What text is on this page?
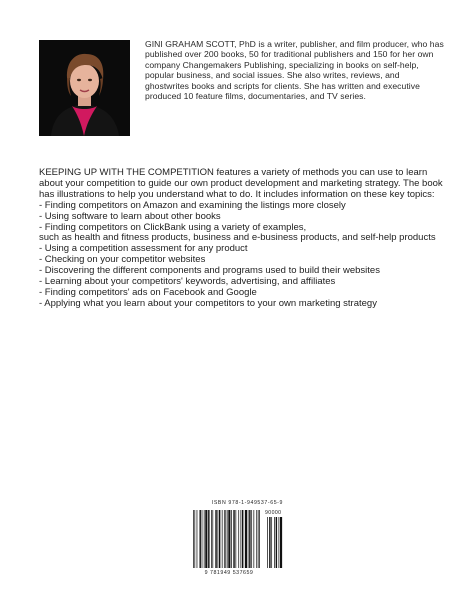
GINI GRAHAM SCOTT, PhD is a writer, publisher, and film producer, who has published over 200 books, 50 for traditional publishers and 150 for her own company Changemakers Publishing, specializing in books on self-help, popular business, and social issues. She also writes, reviews, and ghostwrites books and scripts for clients. She has written and executive produced 10 feature films, documentaries, and TV series.

KEEPING UP WITH THE COMPETITION features a variety of methods you can use to learn about your competition to guide our own product development and marketing strategy. The book has illustrations to help you understand what to do. It includes information on these key topics:

- Finding competitors on Amazon and examining the listings more closely
- Using software to learn about other books
- Finding competitors on ClickBank using a variety of examples,
such as health and fitness products, business and e-business products, and self-help products
- Using a competition assessment for any product
- Checking on your competitor websites
- Discovering the different components and programs used to build their websites
- Learning about your competitors' keywords, advertising, and affiliates
- Finding competitors' ads on Facebook and Google
- Applying what you learn about your competitors to your own marketing strategy
ISBN 978-1-949537-65-9
90000
9 781949 537659
